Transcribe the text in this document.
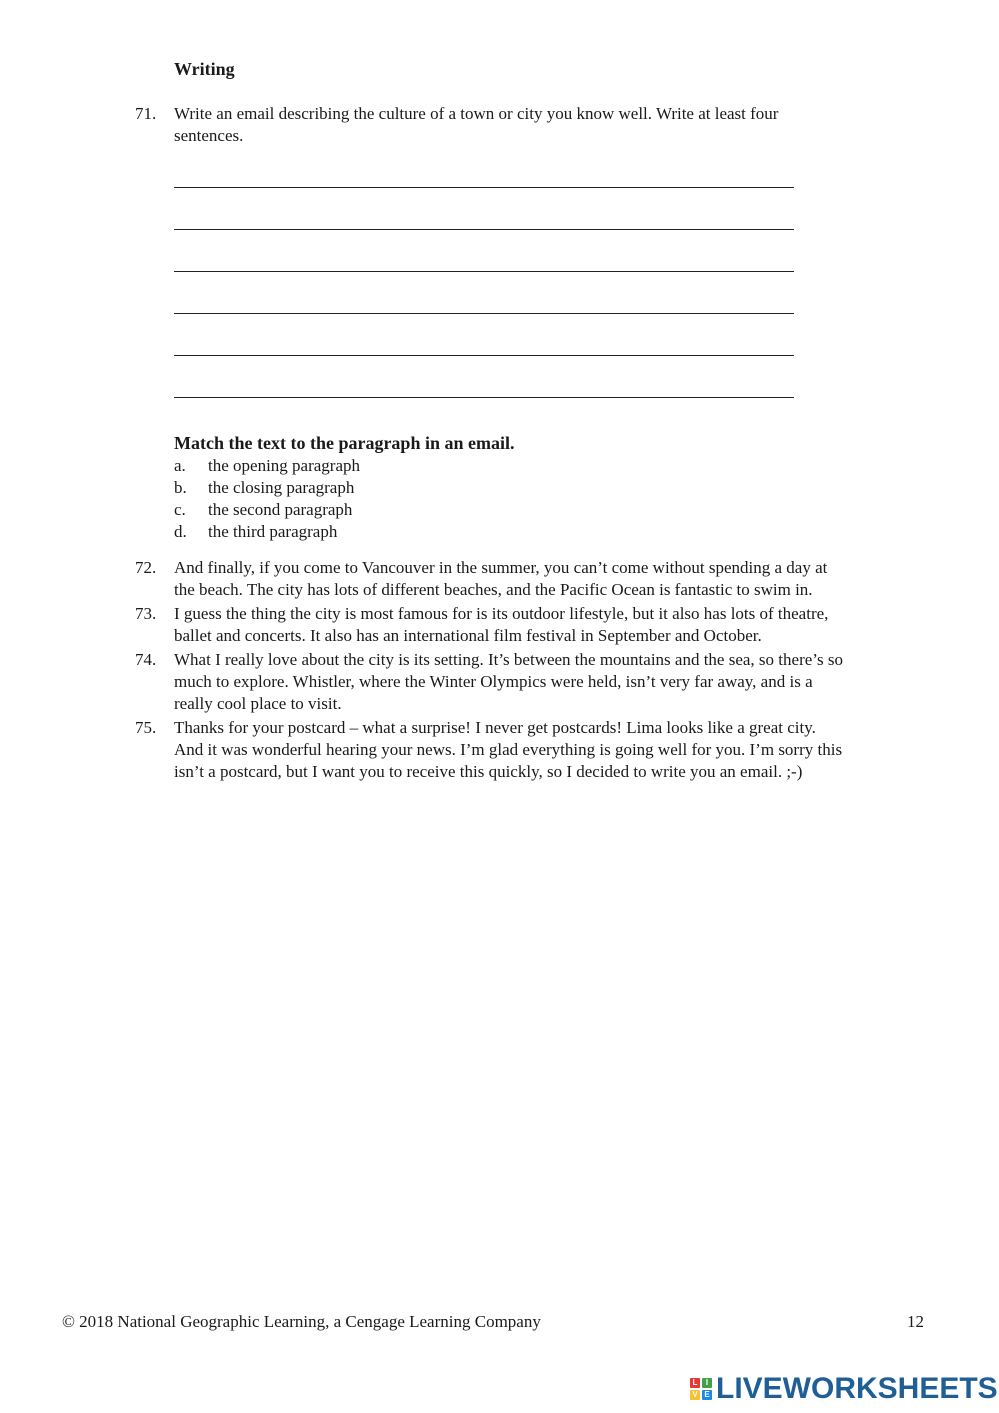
Writing
71. Write an email describing the culture of a town or city you know well. Write at least four
sentences.
Match the text to the paragraph in an email.
a. the opening paragraph
b. the closing paragraph
c. the second paragraph
d. the third paragraph
72. And finally, if you come to Vancouver in the summer, you can’t come without spending a day at
the beach. The city has lots of different beaches, and the Pacific Ocean is fantastic to swim in.
73. I guess the thing the city is most famous for is its outdoor lifestyle, but it also has lots of theatre,
ballet and concerts. It also has an international film festival in September and October.
74. What I really love about the city is its setting. It’s between the mountains and the sea, so there’s so
much to explore. Whistler, where the Winter Olympics were held, isn’t very far away, and is a
really cool place to visit.
75. Thanks for your postcard – what a surprise! I never get postcards! Lima looks like a great city.
And it was wonderful hearing your news. I’m glad everything is going well for you. I’m sorry this
isn’t a postcard, but I want you to receive this quickly, so I decided to write you an email. ;-)
© 2018 National Geographic Learning, a Cengage Learning Company	12
L	I
V E LIVEWORKSHEETS
